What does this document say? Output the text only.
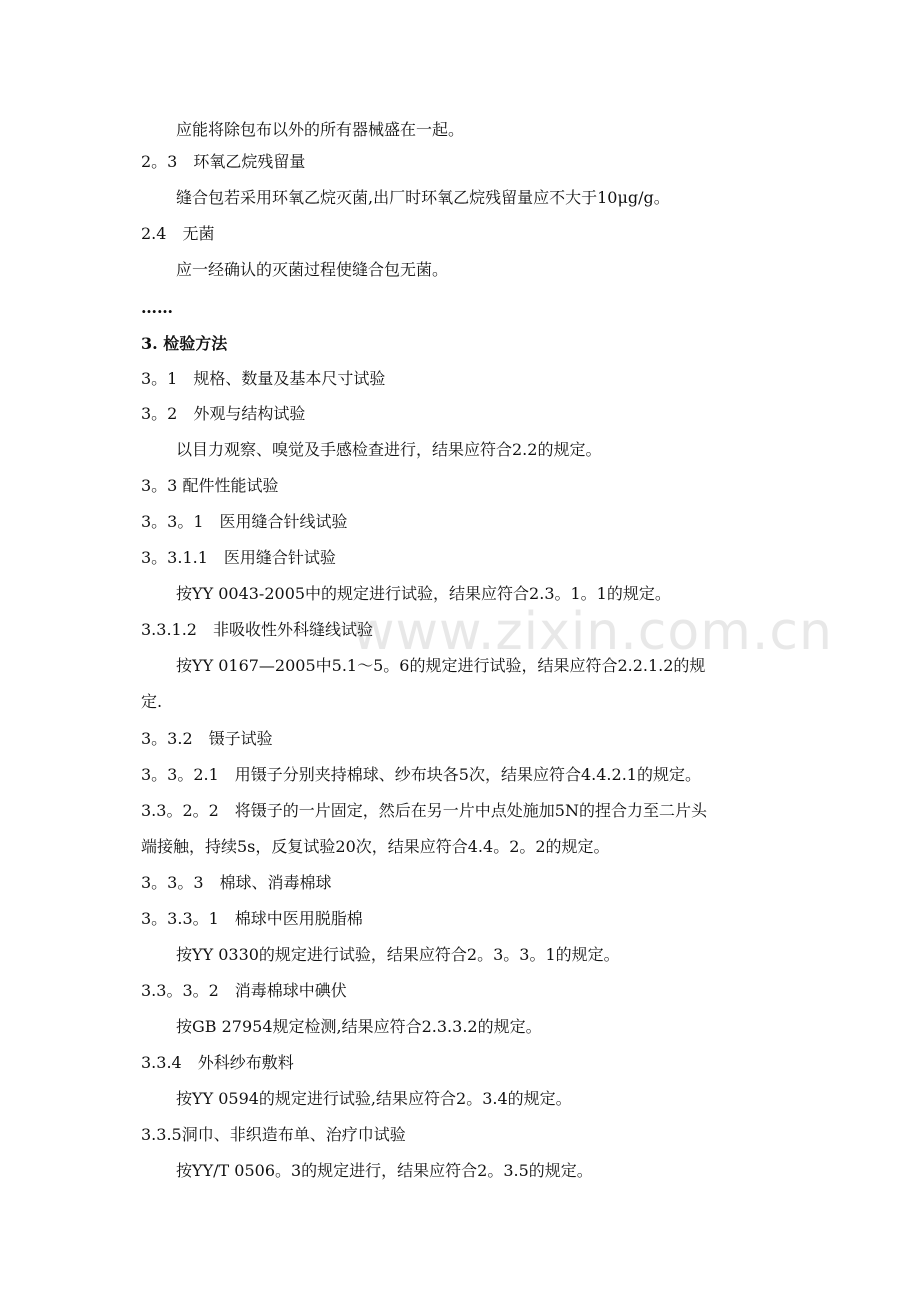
www.zixin.com.cn
应能将除包布以外的所有器械盛在一起。
2。3　环氧乙烷残留量
缝合包若采用环氧乙烷灭菌,出厂时环氧乙烷残留量应不大于10μg/g。
2.4　无菌
应一经确认的灭菌过程使缝合包无菌。
……
3. 检验方法
3。1　规格、数量及基本尺寸试验
3。2　外观与结构试验
以目力观察、嗅觉及手感检查进行，结果应符合2.2的规定。
3。3 配件性能试验
3。3。1　医用缝合针线试验
3。3.1.1　医用缝合针试验
按YY 0043-2005中的规定进行试验，结果应符合2.3。1。1的规定。
3.3.1.2　非吸收性外科缝线试验
按YY 0167—2005中5.1～5。6的规定进行试验，结果应符合2.2.1.2的规
定.
3。3.2　镊子试验
3。3。2.1　用镊子分别夹持棉球、纱布块各5次，结果应符合4.4.2.1的规定。
3.3。2。2　将镊子的一片固定，然后在另一片中点处施加5N的捏合力至二片头
端接触，持续5s，反复试验20次，结果应符合4.4。2。2的规定。
3。3。3　棉球、消毒棉球
3。3.3。1　棉球中医用脱脂棉
按YY 0330的规定进行试验，结果应符合2。3。3。1的规定。
3.3。3。2　消毒棉球中碘伏
按GB 27954规定检测,结果应符合2.3.3.2的规定。
3.3.4　外科纱布敷料
按YY 0594的规定进行试验,结果应符合2。3.4的规定。
3.3.5洞巾、非织造布单、治疗巾试验
按YY/T 0506。3的规定进行，结果应符合2。3.5的规定。
